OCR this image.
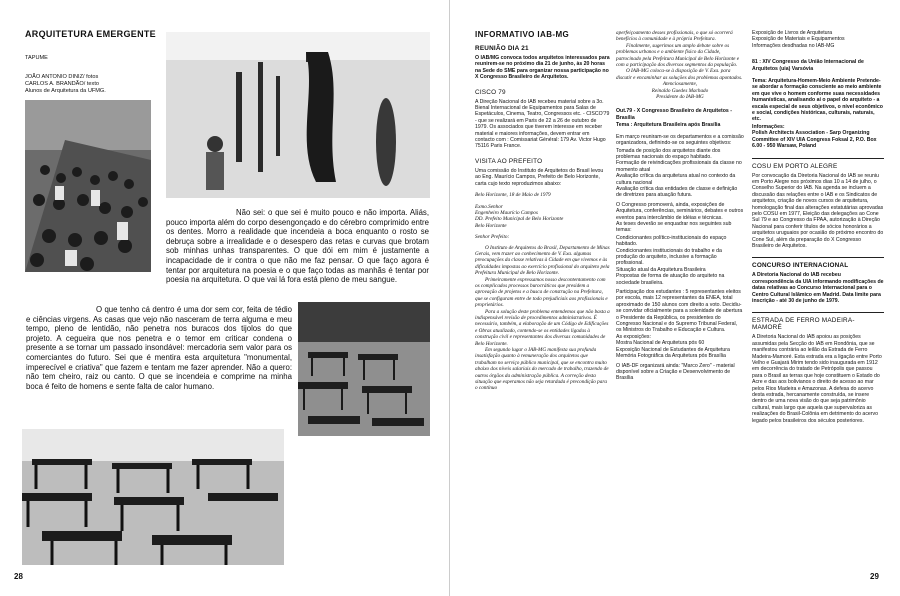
ARQUITETURA EMERGENTE
TAPUME
JOÃO ANTONIO DINIZ/ fotos
CARLOS A. BRANDÃO/ texto
Alunos de Arquitetura da UFMG.

Não sei: o que sei é muito pouco e não importa. Aliás, pouco importa além do corpo desengonçado e do cérebro comprimido entre os dentes. Morro a realidade que incendeia a boca enquanto o rosto se debruça sobre a irrealidade e o desespero das retas e curvas que brotam sob minhas unhas transparentes. O que dói em mim é justamente a incapacidade de ir contra o que não me faz pensar. O que faço agora é tentar por arquitetura na poesia e o que faço todas as manhãs é tentar por poesia na arquitetura. O que vai lá fora está pleno de meu sangue.

O que tenho cá dentro é uma dor sem cor, feita de tédio e ciências virgens. As casas que vejo não nasceram de terra alguma e meu tempo, pleno de lentidão, não penetra nos buracos dos tijolos do que projeto. A cegueira que nos penetra e o temor em criticar condena o presente a se tornar um passado insondável: mercadoria sem valor para os comerciantes do futuro. Sei que é mentira esta arquitetura "monumental, imperecível e criativa" que fazem e tentam me fazer aprender. Não a quero: não tem cheiro, raiz ou canto. O que se incendeia e comprime na minha boca é feito de homens e sente falta de calor humano.

28
INFORMATIVO IAB-MG
REUNIÃO DIA 21

O IAB/MG convoca todos arquitetos interessados para reunirem-se no próximo dia 21 de junho, às 20 horas na Sede do SME para organizar nossa participação no X Congresso Brasileiro de Arquitetos.

CISCO 79

A Direção Nacional do IAB recebeu material sobre a 3o. Bienal Internacional de Equipamentos para Salas de Espetáculos, Cinema, Teatro, Congressos etc. - CISCO'79 - que se realizará em Paris de 22 a 26 de outubro de 1979. Os associados que tiverem interesse em receber material e maiores informações, devem entrar em contacto com : Comissariat Général: 179 Av. Victor Hugo 75116 Paris France.

VISITA AO PREFEITO

Uma comissão do Instituto de Arquitetos do Brasil levou ao Eng. Maurício Campos, Prefeito de Belo Horizonte, carta cujo texto reproduzimos abaixo:

Belo Horizonte, 18 de Maio de 1979

Exmo.Senhor
Engenheiro Maurício Campos
DD. Prefeito Municipal de Belo Horizonte
Belo Horizonte

Senhor Prefeito:

O Instituto de Arquitetos do Brasil, Departamento de Minas Gerais, vem trazer ao conhecimento de V. Exa. algumas preocupações da classe relativas à Cidade em que vivemos e às dificuldades impostas ao exercício profissional do arquiteto pela Prefeitura Municipal de Belo Horizonte.

Primeiramente expressamos nosso descontentamento com os complicados processos burocráticos que presidem a aprovação de projetos e a busca de construção na Prefeitura, que se configuram entre de todo prejudiciais aos profissionais e proprietários.

Para a solução deste problema entendemos que não basta a indispensável revisão de procedimentos administrativos. É necessário, também, a elaboração de um Código de Edificações e Obras atualizado, contendo-se os entidades ligadas à construção civil e representantes dos diversas comunidades de Belo Horizonte.

Em segundo lugar o IAB-MG manifesta sua profunda insatisfação quanto à remuneração dos arquitetos que trabalham no serviço público municipal, que se encontra muito abaixo dos níveis salariais do mercado de trabalho, trazendo de outros órgãos da administração pública. A correção desta situação que esperamos não seja retardada é precondição para o contínuo

aperfeiçoamento desses profissionais, o que só ocorrerá benefícios à comunidade e à própria Prefeitura.

Finalmente, sugerimos um amplo debate sobre os problemas urbanos e o ambiente físico da Cidade, patrocinado pela Prefeitura Municipal de Belo Horizonte e com a participação dos diversos segmentos da população.

O IAB-MG coloca-se à disposição de V. Exa. para discutir e encaminhar as soluções dos problemas apontados.

Atenciosamente,

Reinaldo Guedes Machado
Presidente do IAB-MG

Out.79 - X Congresso Brasileiro de Arquitetos - Brasília

Tema : Arquitetura Brasileira após Brasília

Em março reuniram-se os departamentos e a comissão organizadora, definindo-se os seguintes objetivos:

Tomada de posição dos arquitetos diante dos problemas nacionais do espaço habitado.
Formação de reivindicações profissionais da classe no momento atual
Avaliação crítica da arquitetura atual no contexto da cultura nacional
Avaliação crítica das entidades de classe e definição de diretrizes para atuação futura.

O Congresso promoverá, ainda, exposições de Arquitetura, conferências, seminários, debates e outros eventos para intercâmbio de idéias e técnicas.

As teses deverão se enquadrar nos seguintes sub temas:

Condicionantes político-institucionais do espaço habitado.
Condicionantes institucionais do trabalho e da produção do arquiteto, inclusive a formação profissional.
Situação atual da Arquitetura Brasileira
Propostas de forma de atuação do arquiteto na sociedade brasileira.

Participação dos estudantes : 5 representantes eleitos por escola, mais 12 representantes da ENEA, total aproximado de 150 alunos com direito a voto. Decidiu-se convidar oficialmente para a solenidade de abertura o Presidente da República, os presidentes do Congresso Nacional e do Supremo Tribunal Federal, os Ministros do Trabalho e Educação e Cultura.

As exposições:

Mostra Nacional de Arquitetura pós 60
Exposição Nacional de Estudantes de Arquitetura
Memória Fotográfica da Arquitetura pós Brasília

O IAB-DF organizará ainda: "Marco Zero" - material disponível sobre a Criação e Desenvolvimento de Brasília

Exposição de Livros de Arquitetura
Exposição de Materiais e Equipamentos
Informações desdhadas no IAB-MG

81 : XIV Congresso da União Internacional de Arquitetos (uia) Varsóvia

Tema: Arquitetura-Homem-Meio Ambiente Pretende-se abordar a formação consciente ao meio ambiente em que vive o homem conforme suas necessidades humanísticas, analisando aí o papel do arquiteto - a escala especial de seus objetivos, o nível econômico e social, condições históricas, culturais, naturais, etc.

Informações:

Polish Architects Association - Sarp Organizing Committee of XIV UIA Congress Foksal 2, P.O. Box 6.00 - 950 Warsaw, Poland

COSU EM PORTO ALEGRE

Por convocação da Diretoria Nacional do IAB se reuniu em Porto Alegre nos próximos dias 10 a 14 de julho, o Conselho Superior do IAB. Na agenda se incluem a discussão das relações entre o IAB e os Sindicatos de arquitetos, criação de novos cursos de arquitetura, homologação final das alterações estatutárias aprovadas pelo COSU em 1977, Eleição das delegações ao Cone Sul 79 e ao Congresso da FPAA, autorização à Direção Nacional para conferir títulos de sócios honorários a arquitetos uruguaios por ocasião do próximo encontro do Cone Sul, além da preparação do X Congresso Brasileiro de Arquitetos.

CONCURSO INTERNACIONAL

A Diretoria Nacional do IAB recebeu correspondência da UIA informando modificações de datas relativas ao Concurso Internacional para o Centro Cultural Islâmico em Madrid. Data limite para inscrição - até 30 de junho de 1979.

ESTRADA DE FERRO MADEIRA-MAMORÉ

A Diretoria Nacional do IAB apoiou as posições assumidas pela Secção do IAB em Rondônia, que se manifestou contrária ao leilão da Estrada de Ferro Madeira-Mamoré. Esta estrada era a ligação entre Porto Velho e Guajará Mirim tendo sido inaugurada em 1912 em decorrência do tratado de Petrópolis que passou para o Brasil as terras que hoje constituem o Estado do Acre e das aos bolivianos o direito de acesso ao mar pelos Rios Madeira e Amazonas. A defesa do acervo desta estrada, hercanamente construída, se insere dentro de uma nova visão do que seja patrimônio cultural, mais largo que aquela que supervaloriza as realizações do Brasil-Colônia em detrimento do acervo legado pelos brasileiros dos séculos posteriores.

29
